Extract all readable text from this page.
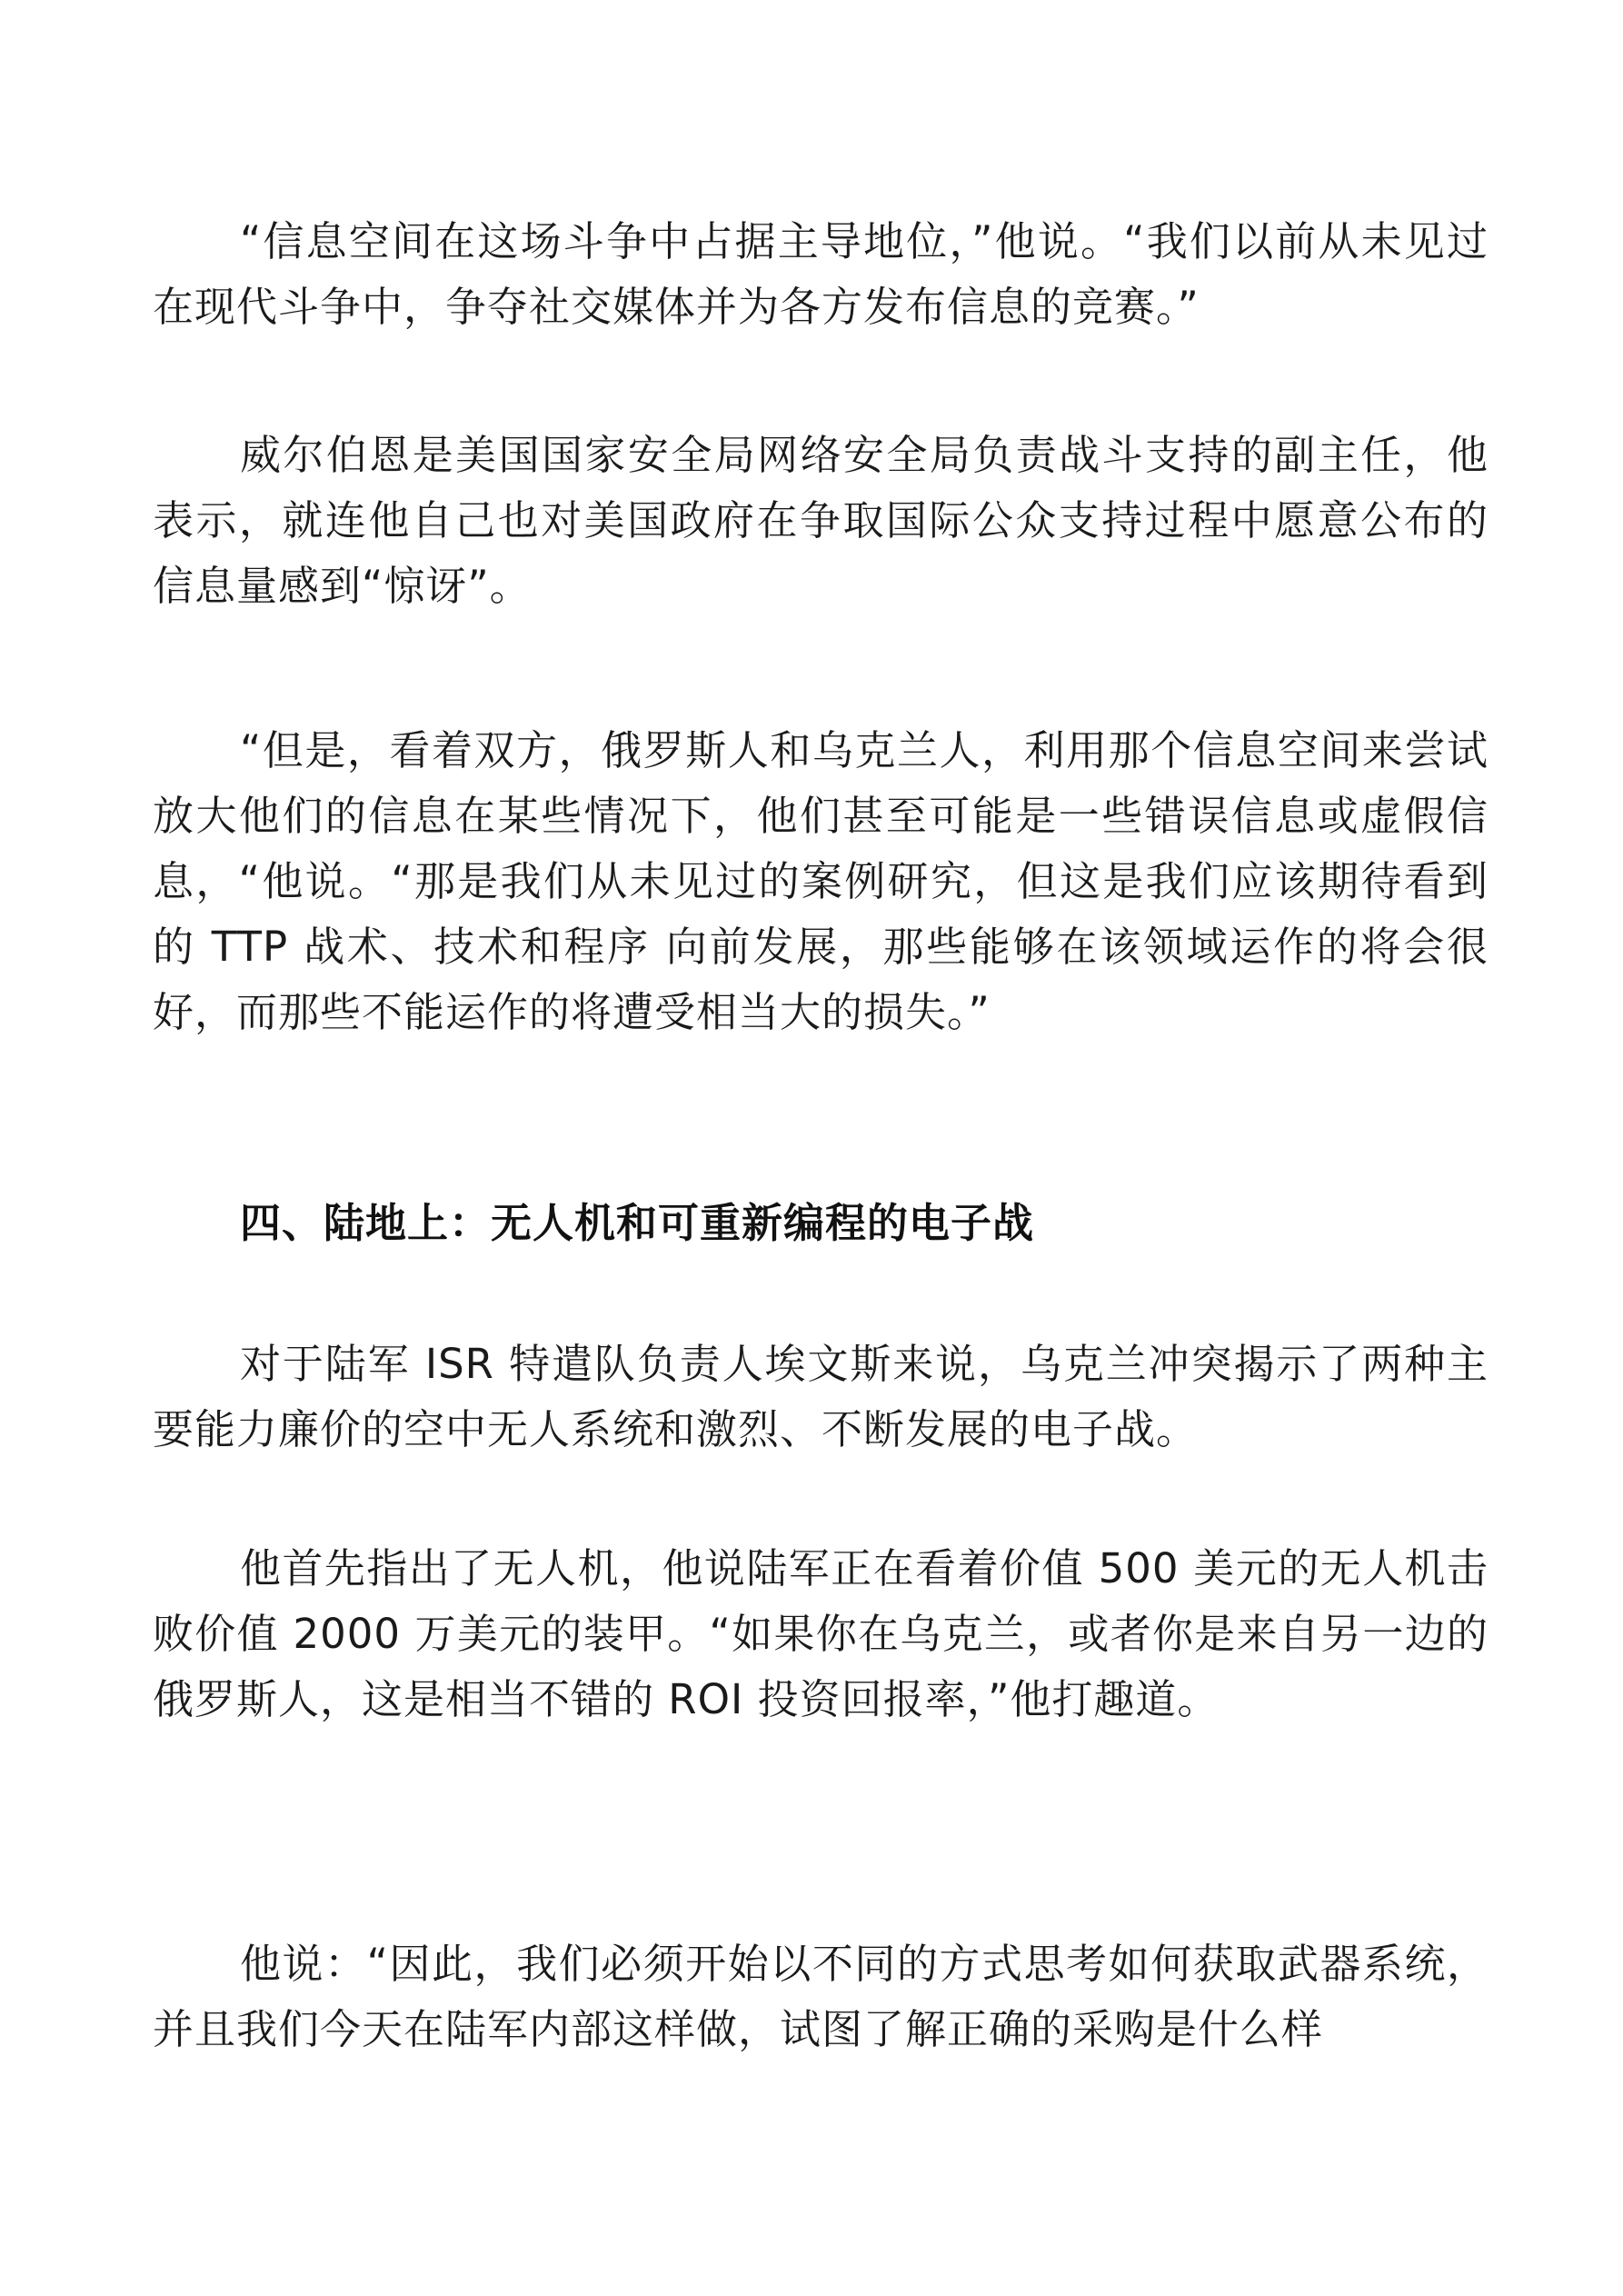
“信息空间在这场斗争中占据主导地位，”他说。“我们以前从未见过在现代斗争中，争夺社交媒体并为各方发布信息的竞赛。”

威尔伯恩是美国国家安全局网络安全局负责战斗支持的副主任，他表示，就连他自己也对美国政府在争取国际公众支持过程中愿意公布的信息量感到“惊讶”。

“但是，看着双方，俄罗斯人和乌克兰人，利用那个信息空间来尝试放大他们的信息在某些情况下，他们甚至可能是一些错误信息或虚假信息，“他说。“那是我们从未见过的案例研究，但这是我们应该期待看到的 TTP 战术、技术和程序 向前发展，那些能够在该领域运作的将会很好，而那些不能运作的将遭受相当大的损失。”

四、陆地上：无人机和可重新编程的电子战

对于陆军 ISR 特遣队负责人埃文斯来说，乌克兰冲突揭示了两种主要能力廉价的空中无人系统和激烈、不断发展的电子战。

他首先指出了无人机，他说陆军正在看着价值 500 美元的无人机击败价值 2000 万美元的装甲。“如果你在乌克兰，或者你是来自另一边的俄罗斯人，这是相当不错的 ROI 投资回报率，”他打趣道。

他说：“因此，我们必须开始以不同的方式思考如何获取武器系统，并且我们今天在陆军内部这样做，试图了解正确的采购是什么样
